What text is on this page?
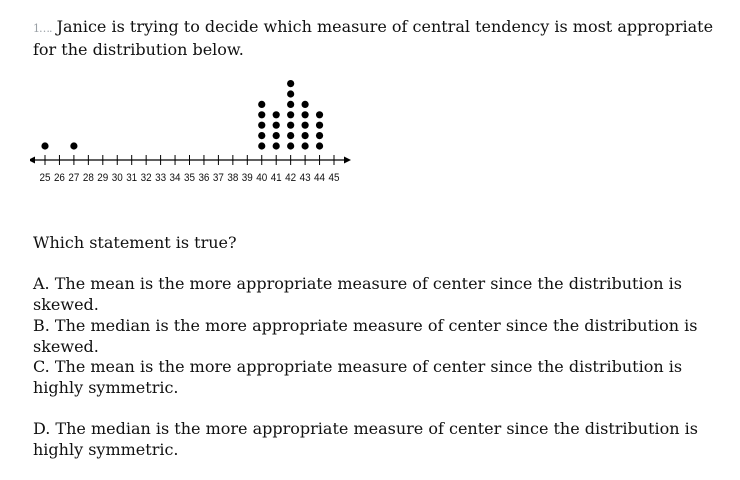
1…. Janice is trying to decide which measure of central tendency is most appropriate for the distribution below.
25 26 27 28 29 30 31 32 33 34 35 36 37 38 39 40 41 42 43 44 45
Which statement is true?
A. The mean is the more appropriate measure of center since the distribution is skewed.
B. The median is the more appropriate measure of center since the distribution is skewed.
C. The mean is the more appropriate measure of center since the distribution is highly symmetric.
D. The median is the more appropriate measure of center since the distribution is highly symmetric.
